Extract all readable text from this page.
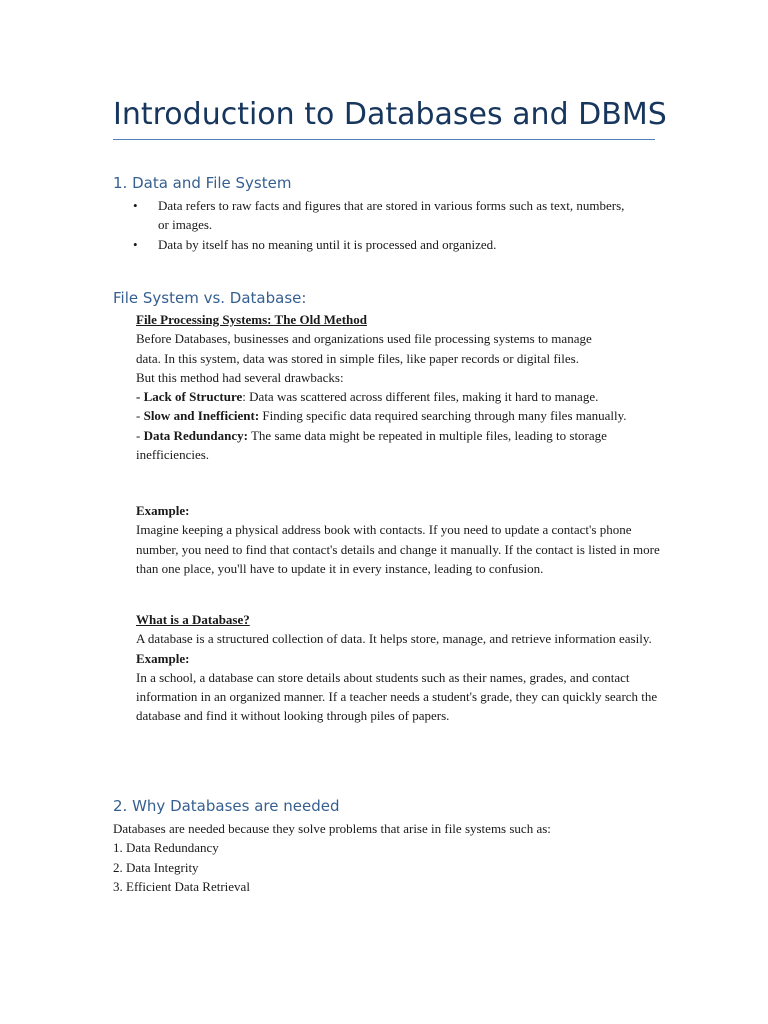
Introduction to Databases and DBMS
1. Data and File System
• Data refers to raw facts and figures that are stored in various forms such as text, numbers, or images.
• Data by itself has no meaning until it is processed and organized.
File System vs. Database:
File Processing Systems: The Old Method
Before Databases, businesses and organizations used file processing systems to manage
data. In this system, data was stored in simple files, like paper records or digital files.
But this method had several drawbacks:
- Lack of Structure: Data was scattered across different files, making it hard to manage.
- Slow and Inefficient: Finding specific data required searching through many files manually.
- Data Redundancy: The same data might be repeated in multiple files, leading to storage inefficiencies.
Example:
Imagine keeping a physical address book with contacts. If you need to update a contact's phone number, you need to find that contact's details and change it manually. If the contact is listed in more than one place, you'll have to update it in every instance, leading to confusion.
What is a Database?
A database is a structured collection of data. It helps store, manage, and retrieve information easily.
Example:
In a school, a database can store details about students such as their names, grades, and contact information in an organized manner. If a teacher needs a student's grade, they can quickly search the database and find it without looking through piles of papers.
2. Why Databases are needed
Databases are needed because they solve problems that arise in file systems such as:
1. Data Redundancy
2. Data Integrity
3. Efficient Data Retrieval
